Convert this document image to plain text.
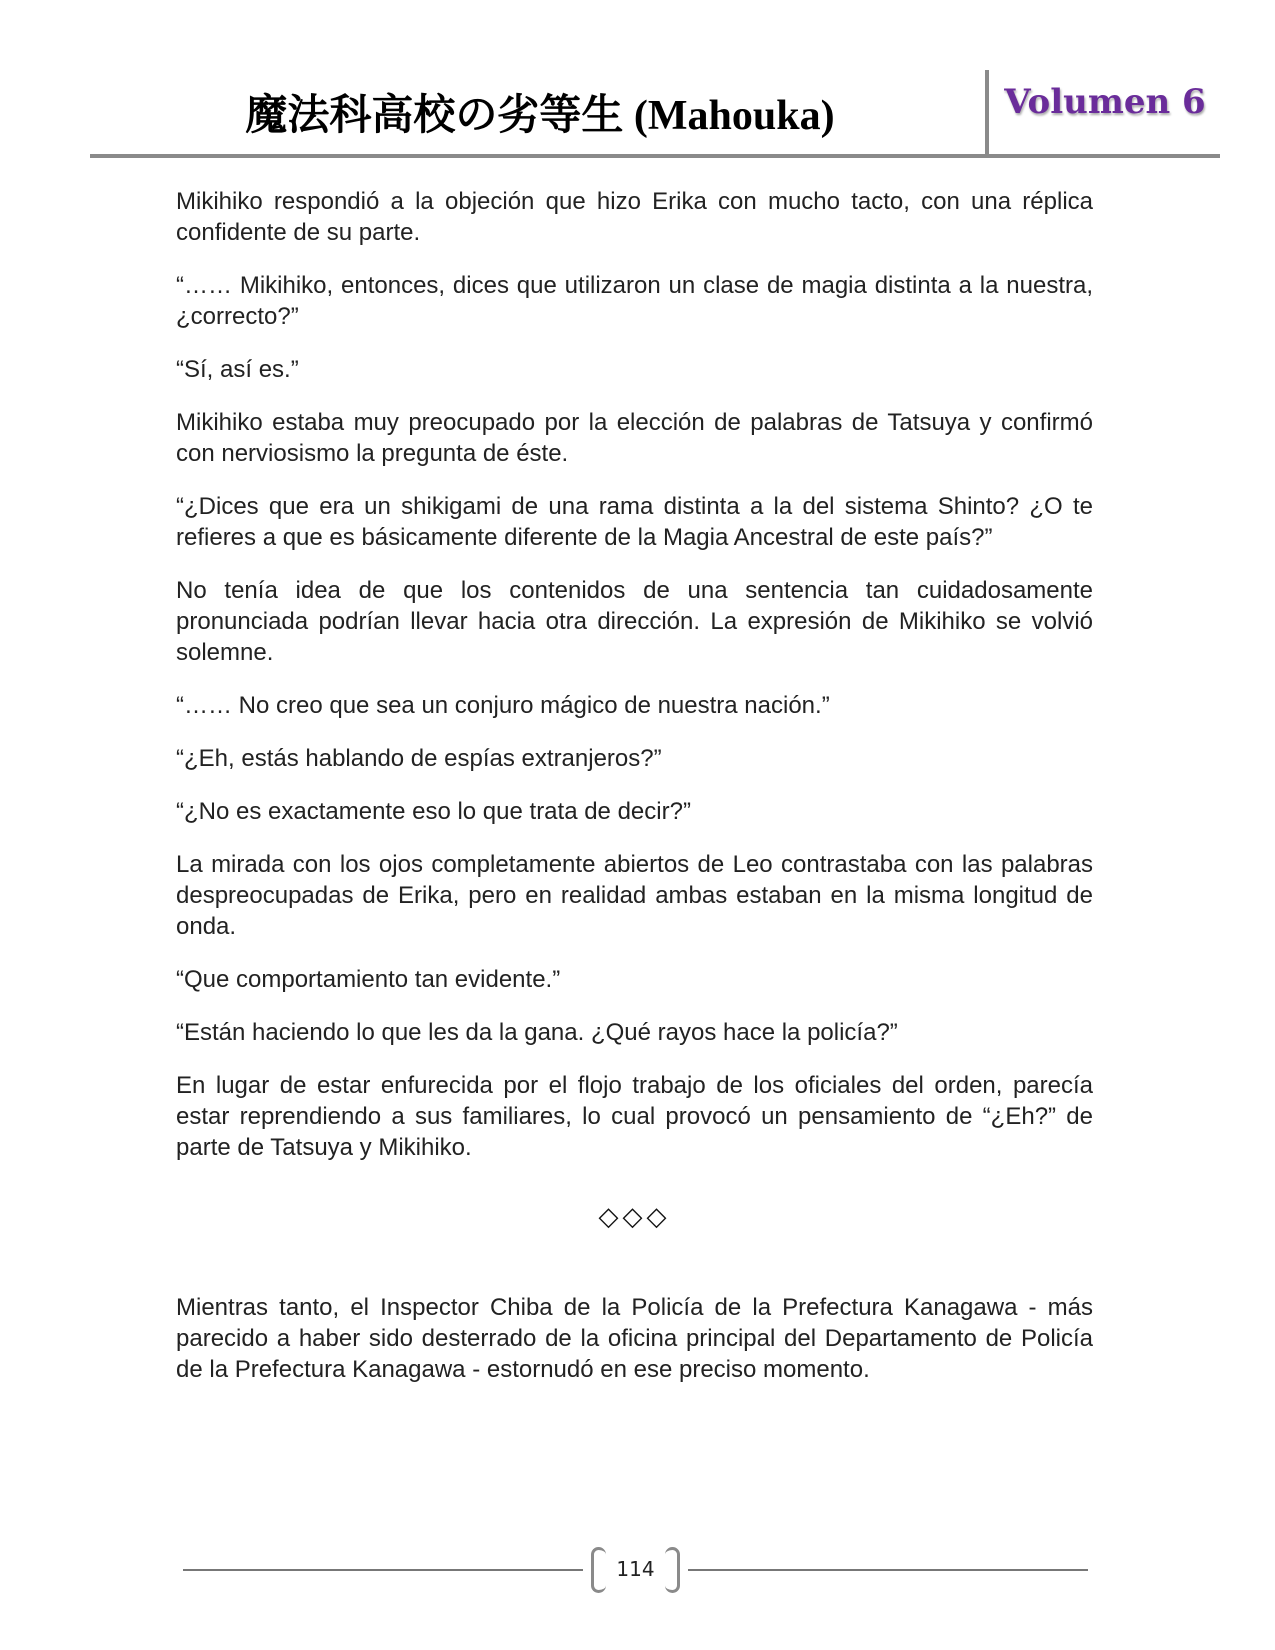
魔法科高校の劣等生 (Mahouka)	Volumen 6

Mikihiko respondió a la objeción que hizo Erika con mucho tacto, con una réplica confidente de su parte.

“…… Mikihiko, entonces, dices que utilizaron un clase de magia distinta a la nuestra, ¿correcto?”

“Sí, así es.”

Mikihiko estaba muy preocupado por la elección de palabras de Tatsuya y confirmó con nerviosismo la pregunta de éste.

“¿Dices que era un shikigami de una rama distinta a la del sistema Shinto? ¿O te refieres a que es básicamente diferente de la Magia Ancestral de este país?”

No tenía idea de que los contenidos de una sentencia tan cuidadosamente pronunciada podrían llevar hacia otra dirección. La expresión de Mikihiko se volvió solemne.

“…… No creo que sea un conjuro mágico de nuestra nación.”

“¿Eh, estás hablando de espías extranjeros?”

“¿No es exactamente eso lo que trata de decir?”

La mirada con los ojos completamente abiertos de Leo contrastaba con las palabras despreocupadas de Erika, pero en realidad ambas estaban en la misma longitud de onda.

“Que comportamiento tan evidente.”

“Están haciendo lo que les da la gana. ¿Qué rayos hace la policía?”

En lugar de estar enfurecida por el flojo trabajo de los oficiales del orden, parecía estar reprendiendo a sus familiares, lo cual provocó un pensamiento de “¿Eh?” de parte de Tatsuya y Mikihiko.

◇◇◇

Mientras tanto, el Inspector Chiba de la Policía de la Prefectura Kanagawa - más parecido a haber sido desterrado de la oficina principal del Departamento de Policía de la Prefectura Kanagawa - estornudó en ese preciso momento.

114
